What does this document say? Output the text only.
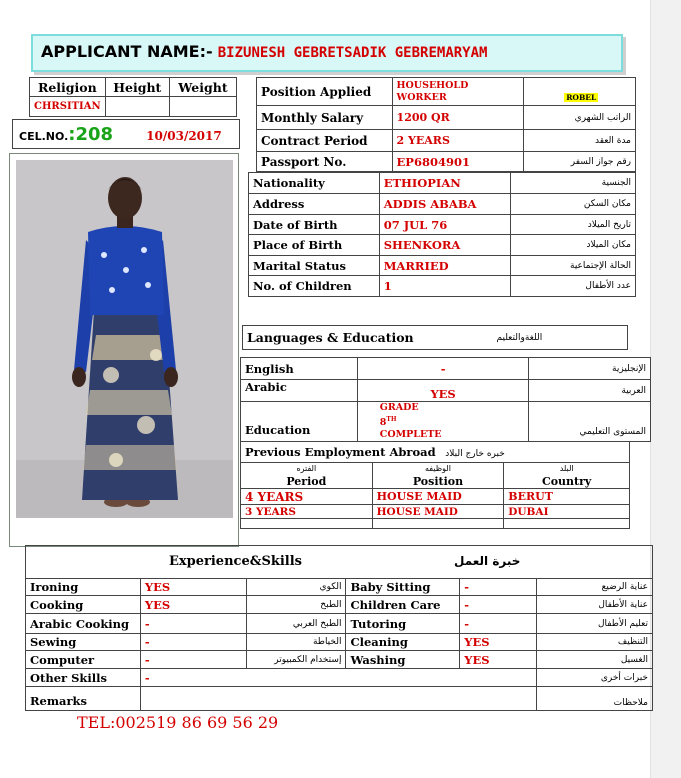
APPLICANT NAME:- BIZUNESH GEBRETSADIK GEBREMARYAM
Religion	Height	Weight
CHRSITIAN		
CEL.NO.:208	10/03/2017
Position Applied	HOUSEHOLD WORKER	ROBEL
Monthly Salary	1200 QR	الراتب الشهري
Contract Period	2 YEARS	مدة العقد
Passport No.	EP6804901	رقم جواز السفر
Nationality	ETHIOPIAN	الجنسية
Address	ADDIS ABABA	مكان السكن
Date of Birth	07 JUL 76	تاريخ الميلاد
Place of Birth	SHENKORA	مكان الميلاد
Marital Status	MARRIED	الحالة الإجتماعية
No. of Children	1	عدد الأطفال
Languages & Education	اللغةوالتعليم
English	-	الإنجليزية
Arabic	YES	العربية
Education	GRADE
8TH
COMPLETE	المستوى التعليمي
Previous Employment Abroad خبره خارج البلاد		
الفتره	الوظيفه	البلد
Period	Position	Country
4 YEARS	HOUSE MAID	BERUT
3 YEARS	HOUSE MAID	DUBAI

Experience&Skills خبرة العمل					

Ironing	YES	الكوي	Baby Sitting	-	عناية الرضيع
Cooking	YES	الطبخ	Children Care	-	عناية الأطفال
Arabic Cooking	-	الطبخ العربي	Tutoring	-	تعليم الأطفال
Sewing	-	الخياطة	Cleaning	YES	التنظيف
Computer	-	إستخدام الكمبيوتر	Washing	YES	الغسيل
Other Skills	-				خبرات أخرى
Remarks					ملاحظات
TEL:002519 86 69 56 29
